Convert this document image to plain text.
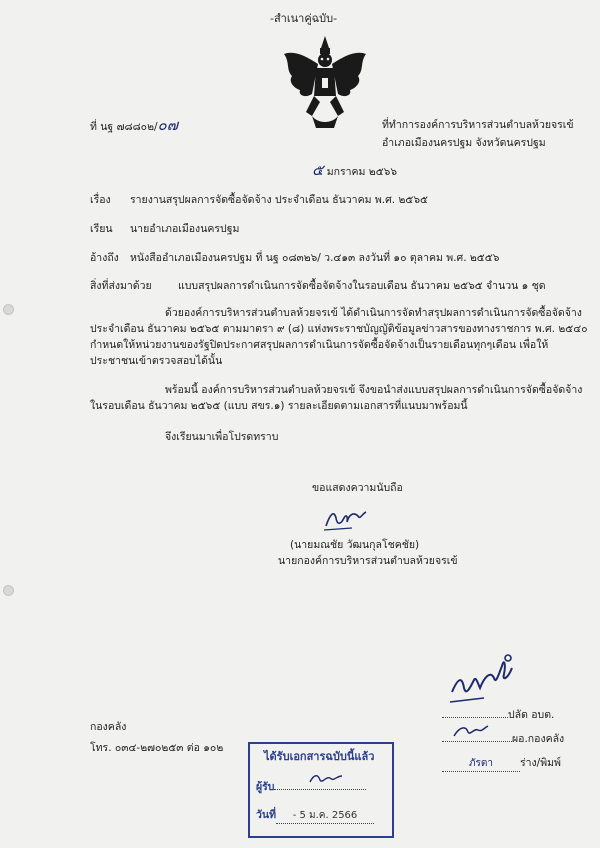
-สำเนาคู่ฉบับ-
ที่ นฐ ๗๘๘๐๒/๐๗	ที่ทำการองค์การบริหารส่วนตำบลห้วยจรเข้
อำเภอเมืองนครปฐม จังหวัดนครปฐม
๕ มกราคม ๒๕๖๖
เรื่อง รายงานสรุปผลการจัดซื้อจัดจ้าง ประจำเดือน ธันวาคม พ.ศ. ๒๕๖๕
เรียน นายอำเภอเมืองนครปฐม
อ้างถึง หนังสืออำเภอเมืองนครปฐม ที่ นฐ ๐๘๓๒๖/ ว.๔๑๓ ลงวันที่ ๑๐ ตุลาคม พ.ศ. ๒๕๕๖
สิ่งที่ส่งมาด้วย	แบบสรุปผลการดำเนินการจัดซื้อจัดจ้างในรอบเดือน ธันวาคม ๒๕๖๕ จำนวน ๑ ชุด
ด้วยองค์การบริหารส่วนตำบลห้วยจรเข้ ได้ดำเนินการจัดทำสรุปผลการดำเนินการจัดซื้อจัดจ้าง
ประจำเดือน ธันวาคม ๒๕๖๕ ตามมาตรา ๙ (๘) แห่งพระราชบัญญัติข้อมูลข่าวสารของทางราชการ พ.ศ. ๒๕๔๐
กำหนดให้หน่วยงานของรัฐปิดประกาศสรุปผลการดำเนินการจัดซื้อจัดจ้างเป็นรายเดือนทุกๆเดือน เพื่อให้
ประชาชนเข้าตรวจสอบได้นั้น
พร้อมนี้ องค์การบริหารส่วนตำบลห้วยจรเข้ จึงขอนำส่งแบบสรุปผลการดำเนินการจัดซื้อจัดจ้าง
ในรอบเดือน ธันวาคม ๒๕๖๕ (แบบ สขร.๑) รายละเอียดตามเอกสารที่แนบมาพร้อมนี้
จึงเรียนมาเพื่อโปรดทราบ
ขอแสดงความนับถือ
(นายมณชัย วัฒนกุลโชคชัย)
นายกองค์การบริหารส่วนตำบลห้วยจรเข้
ปลัด อบต.
ผอ.กองคลัง
ภัรตา	ร่าง/พิมพ์
กองคลัง
โทร. ๐๓๔-๒๗๐๒๕๓ ต่อ ๑๐๒
ได้รับเอกสารฉบับนี้แล้ว
ผู้รับ
วันที่ - 5 ม.ค. 2566
